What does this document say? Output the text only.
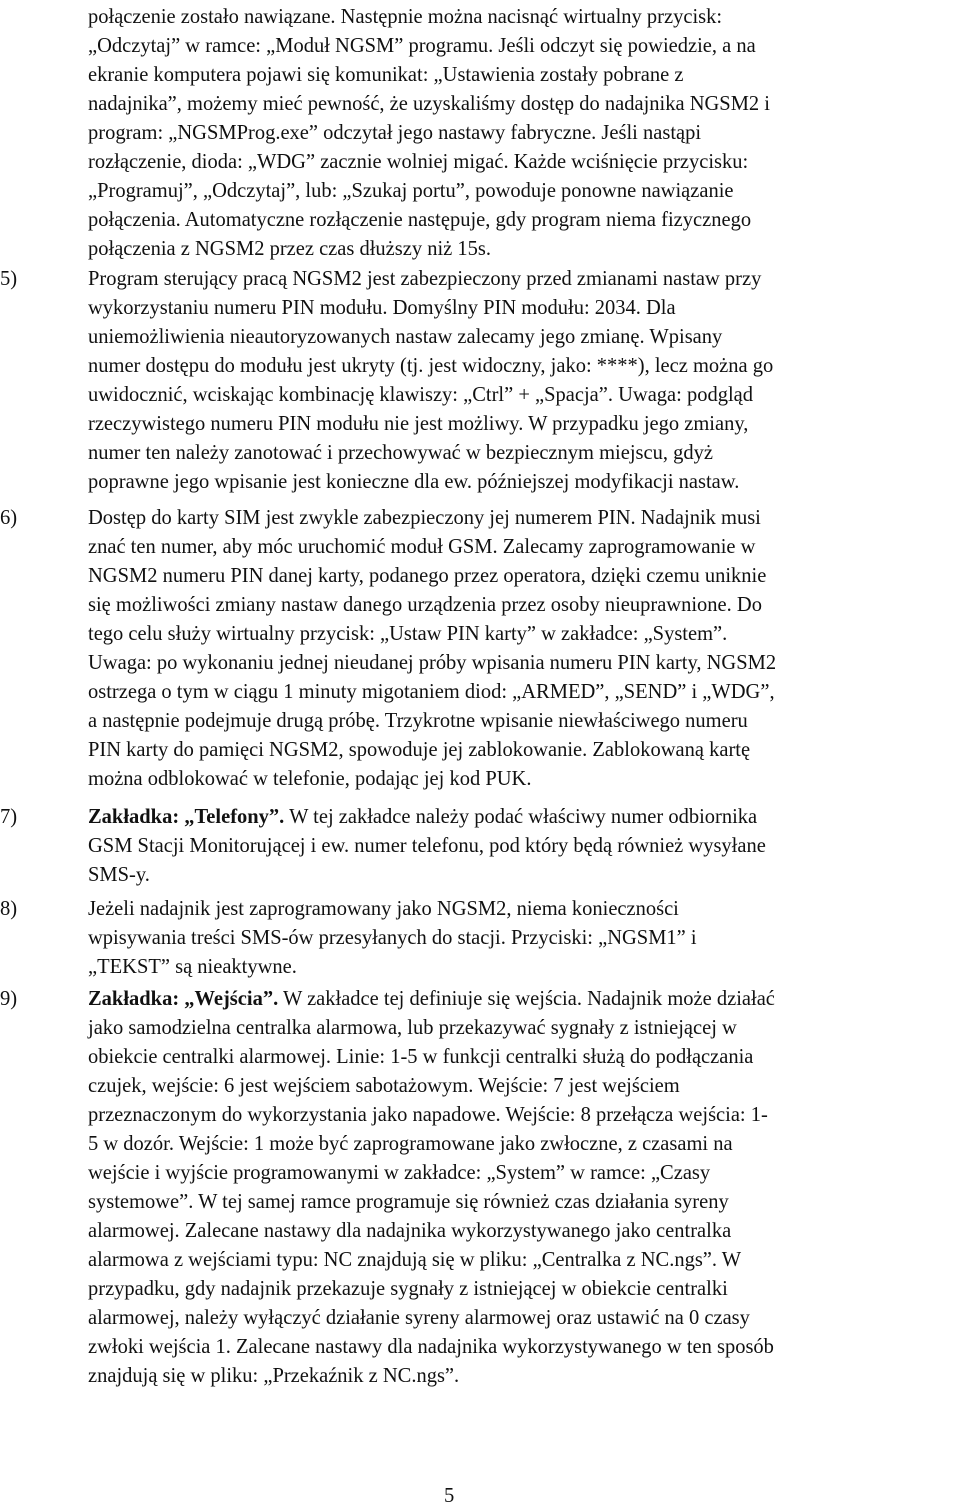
połączenie zostało nawiązane. Następnie można nacisnąć wirtualny przycisk:
„Odczytaj” w ramce: „Moduł NGSM” programu. Jeśli odczyt się powiedzie, a na
ekranie komputera pojawi się komunikat: „Ustawienia zostały pobrane z
nadajnika”, możemy mieć pewność, że uzyskaliśmy dostęp do nadajnika NGSM2 i
program: „NGSMProg.exe” odczytał jego nastawy fabryczne. Jeśli nastąpi
rozłączenie, dioda: „WDG” zacznie wolniej migać. Każde wciśnięcie przycisku:
„Programuj”, „Odczytaj”, lub: „Szukaj portu”, powoduje ponowne nawiązanie
połączenia. Automatyczne rozłączenie następuje, gdy program niema fizycznego
połączenia z NGSM2 przez czas dłuższy niż 15s.
5)	Program sterujący pracą NGSM2 jest zabezpieczony przed zmianami nastaw przy
wykorzystaniu numeru PIN modułu. Domyślny PIN modułu: 2034. Dla
uniemożliwienia nieautoryzowanych nastaw zalecamy jego zmianę. Wpisany
numer dostępu do modułu jest ukryty (tj. jest widoczny, jako: ****), lecz można go
uwidocznić, wciskając kombinację klawiszy: „Ctrl” + „Spacja”. Uwaga: podgląd
rzeczywistego numeru PIN modułu nie jest możliwy. W przypadku jego zmiany,
numer ten należy zanotować i przechowywać w bezpiecznym miejscu, gdyż
poprawne jego wpisanie jest konieczne dla ew. późniejszej modyfikacji nastaw.
6)	Dostęp do karty SIM jest zwykle zabezpieczony jej numerem PIN. Nadajnik musi
znać ten numer, aby móc uruchomić moduł GSM. Zalecamy zaprogramowanie w
NGSM2 numeru PIN danej karty, podanego przez operatora, dzięki czemu uniknie
się możliwości zmiany nastaw danego urządzenia przez osoby nieuprawnione. Do
tego celu służy wirtualny przycisk: „Ustaw PIN karty” w zakładce: „System”.
Uwaga: po wykonaniu jednej nieudanej próby wpisania numeru PIN karty, NGSM2
ostrzega o tym w ciągu 1 minuty migotaniem diod: „ARMED”, „SEND” i „WDG”,
a następnie podejmuje drugą próbę. Trzykrotne wpisanie niewłaściwego numeru
PIN karty do pamięci NGSM2, spowoduje jej zablokowanie. Zablokowaną kartę
można odblokować w telefonie, podając jej kod PUK.
7)	Zakładka: „Telefony”. W tej zakładce należy podać właściwy numer odbiornika
GSM Stacji Monitorującej i ew. numer telefonu, pod który będą również wysyłane
SMS-y.
8)	Jeżeli nadajnik jest zaprogramowany jako NGSM2, niema konieczności
wpisywania treści SMS-ów przesyłanych do stacji. Przyciski: „NGSM1” i
„TEKST” są nieaktywne.
9)	Zakładka: „Wejścia”. W zakładce tej definiuje się wejścia. Nadajnik może działać
jako samodzielna centralka alarmowa, lub przekazywać sygnały z istniejącej w
obiekcie centralki alarmowej. Linie: 1-5 w funkcji centralki służą do podłączania
czujek, wejście: 6 jest wejściem sabotażowym. Wejście: 7 jest wejściem
przeznaczonym do wykorzystania jako napadowe. Wejście: 8 przełącza wejścia: 1-
5 w dozór. Wejście: 1 może być zaprogramowane jako zwłoczne, z czasami na
wejście i wyjście programowanymi w zakładce: „System” w ramce: „Czasy
systemowe”. W tej samej ramce programuje się również czas działania syreny
alarmowej. Zalecane nastawy dla nadajnika wykorzystywanego jako centralka
alarmowa z wejściami typu: NC znajdują się w pliku: „Centralka z NC.ngs”. W
przypadku, gdy nadajnik przekazuje sygnały z istniejącej w obiekcie centralki
alarmowej, należy wyłączyć działanie syreny alarmowej oraz ustawić na 0 czasy
zwłoki wejścia 1. Zalecane nastawy dla nadajnika wykorzystywanego w ten sposób
znajdują się w pliku: „Przekaźnik z NC.ngs”.
5
